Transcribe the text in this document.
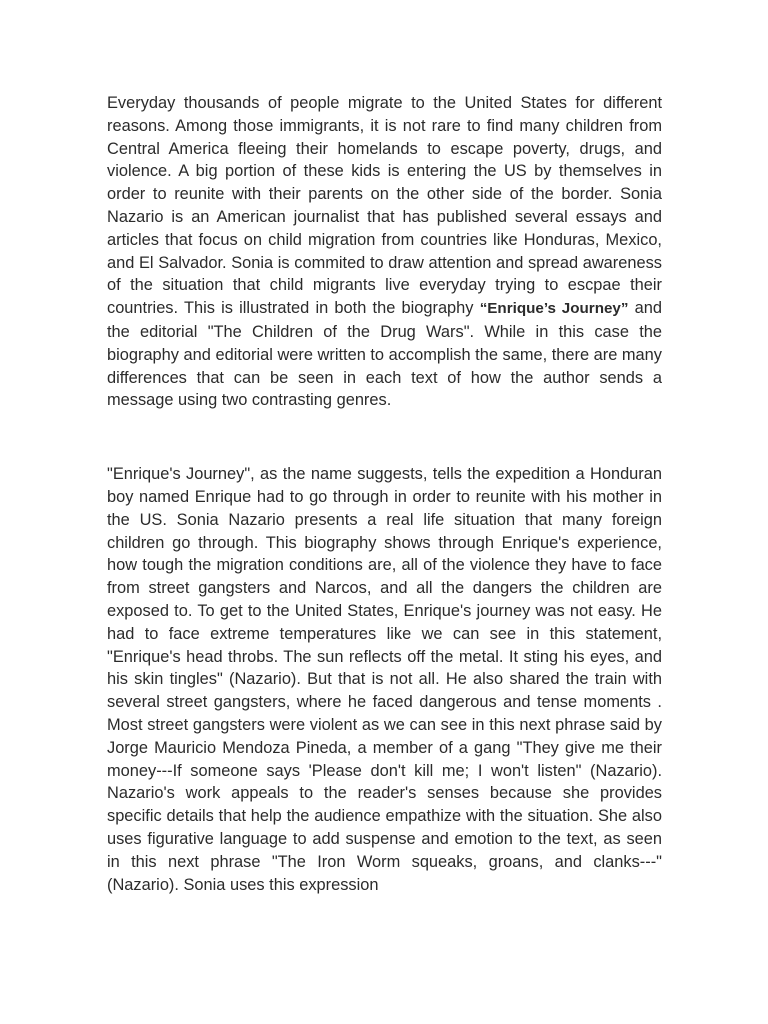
Everyday thousands of people migrate to the United States for different reasons. Among those immigrants, it is not rare to find many children from Central America fleeing their homelands to escape poverty, drugs, and violence. A big portion of these kids is entering the US by themselves in order to reunite with their parents on the other side of the border. Sonia Nazario is an American journalist that has published several essays and articles that focus on child migration from countries like Honduras, Mexico, and El Salvador. Sonia is commited to draw attention and spread awareness of the situation that child migrants live everyday trying to escpae their countries. This is illustrated in both the biography “Enrique’s Journey” and the editorial "The Children of the Drug Wars". While in this case the biography and editorial were written to accomplish the same, there are many differences that can be seen in each text of how the author sends a message using two contrasting genres.

"Enrique's Journey", as the name suggests, tells the expedition a Honduran boy named Enrique had to go through in order to reunite with his mother in the US. Sonia Nazario presents a real life situation that many foreign children go through. This biography shows through Enrique's experience, how tough the migration conditions are, all of the violence they have to face from street gangsters and Narcos, and all the dangers the children are exposed to. To get to the United States, Enrique's journey was not easy. He had to face extreme temperatures like we can see in this statement, "Enrique's head throbs. The sun reflects off the metal. It sting his eyes, and his skin tingles" (Nazario). But that is not all. He also shared the train with several street gangsters, where he faced dangerous and tense moments . Most street gangsters were violent as we can see in this next phrase said by Jorge Mauricio Mendoza Pineda, a member of a gang "They give me their money---If someone says 'Please don't kill me; I won't listen" (Nazario). Nazario's work appeals to the reader's senses because she provides specific details that help the audience empathize with the situation. She also uses figurative language to add suspense and emotion to the text, as seen in this next phrase "The Iron Worm squeaks, groans, and clanks---" (Nazario). Sonia uses this expression
